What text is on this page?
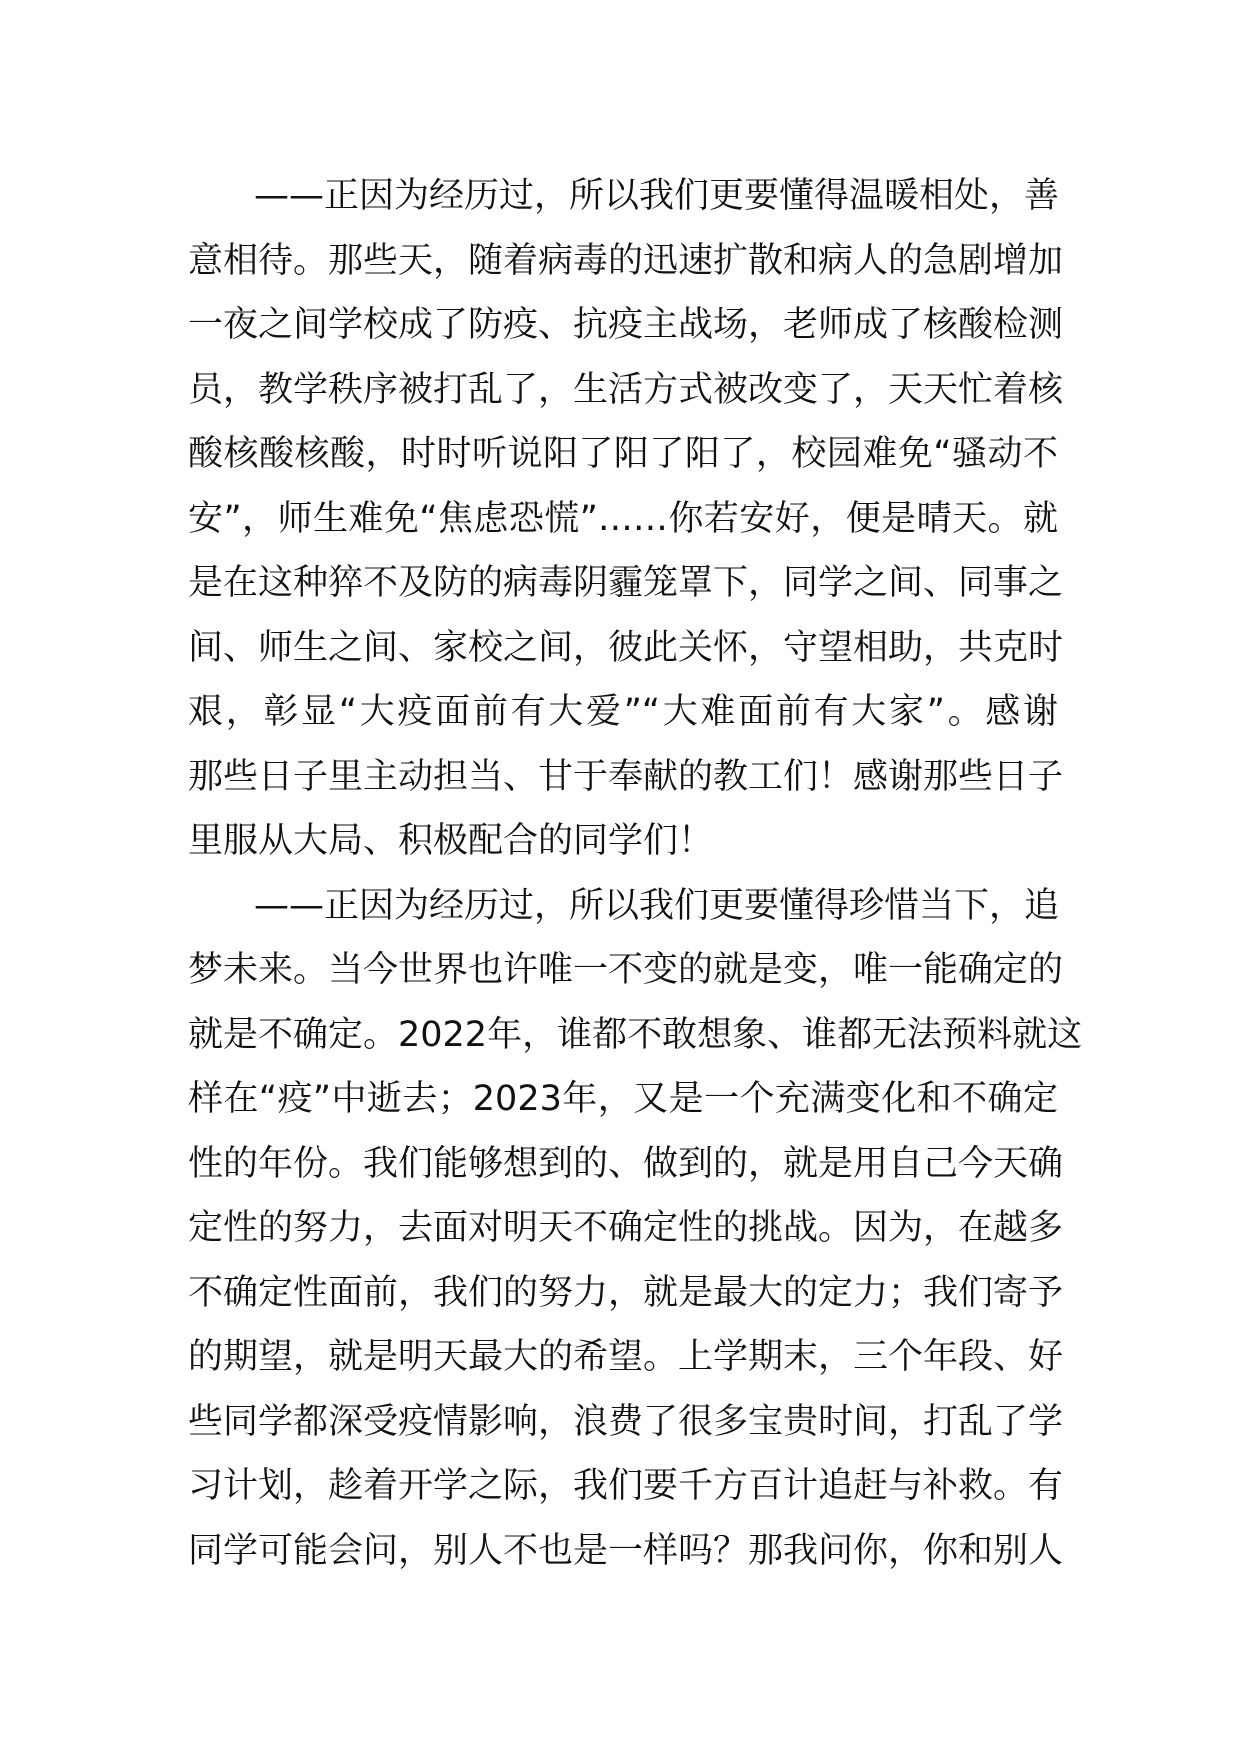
——正因为经历过，所以我们更要懂得温暖相处，善
意相待。那些天，随着病毒的迅速扩散和病人的急剧增加
一夜之间学校成了防疫、抗疫主战场，老师成了核酸检测
员，教学秩序被打乱了，生活方式被改变了，天天忙着核
酸核酸核酸，时时听说阳了阳了阳了，校园难免“骚动不
安”，师生难免“焦虑恐慌”……你若安好，便是晴天。就
是在这种猝不及防的病毒阴霾笼罩下，同学之间、同事之
间、师生之间、家校之间，彼此关怀，守望相助，共克时
艰，彰显“大疫面前有大爱”“大难面前有大家”。感谢
那些日子里主动担当、甘于奉献的教工们！感谢那些日子
里服从大局、积极配合的同学们！
——正因为经历过，所以我们更要懂得珍惜当下，追
梦未来。当今世界也许唯一不变的就是变，唯一能确定的
就是不确定。2022年，谁都不敢想象、谁都无法预料就这
样在“疫”中逝去；2023年，又是一个充满变化和不确定
性的年份。我们能够想到的、做到的，就是用自己今天确
定性的努力，去面对明天不确定性的挑战。因为，在越多
不确定性面前，我们的努力，就是最大的定力；我们寄予
的期望，就是明天最大的希望。上学期末，三个年段、好
些同学都深受疫情影响，浪费了很多宝贵时间，打乱了学
习计划，趁着开学之际，我们要千方百计追赶与补救。有
同学可能会问，别人不也是一样吗？那我问你，你和别人
